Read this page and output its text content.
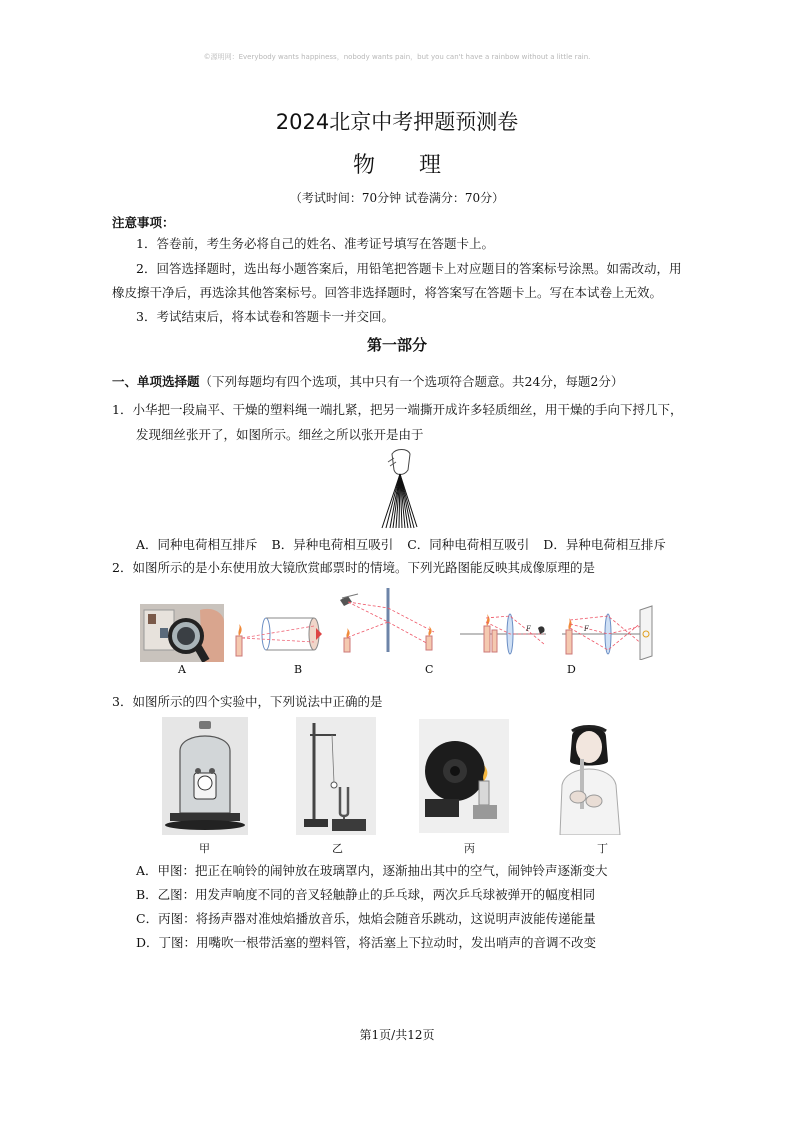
©源明网：Everybody wants happiness，nobody wants pain，but you can't have a rainbow without a little rain.
2024北京中考押题预测卷
物 理
（考试时间：70分钟 试卷满分：70分）
注意事项：
1．答卷前，考生务必将自己的姓名、准考证号填写在答题卡上。
2．回答选择题时，选出每小题答案后，用铅笔把答题卡上对应题目的答案标号涂黑。如需改动，用
橡皮擦干净后，再选涂其他答案标号。回答非选择题时，将答案写在答题卡上。写在本试卷上无效。
3．考试结束后，将本试卷和答题卡一并交回。
第一部分
一、单项选择题（下列每题均有四个选项，其中只有一个选项符合题意。共24分，每题2分）
1．小华把一段扁平、干燥的塑料绳一端扎紧，把另一端撕开成许多轻质细丝，用干燥的手向下捋几下，
发现细丝张开了，如图所示。细丝之所以张开是由于
A．同种电荷相互排斥 B．异种电荷相互吸引 C．同种电荷相互吸引 D．异种电荷相互排斥
2．如图所示的是小东使用放大镜欣赏邮票时的情境。下列光路图能反映其成像原理的是
F	F
A	B	C	D
3．如图所示的四个实验中，下列说法中正确的是
甲	乙	丙	丁
A．甲图：把正在响铃的闹钟放在玻璃罩内，逐渐抽出其中的空气，闹钟铃声逐渐变大
B．乙图：用发声响度不同的音叉轻触静止的乒乓球，两次乒乓球被弹开的幅度相同
C．丙图：将扬声器对准烛焰播放音乐，烛焰会随音乐跳动，这说明声波能传递能量
D．丁图：用嘴吹一根带活塞的塑料管，将活塞上下拉动时，发出哨声的音调不改变
第1页/共12页
